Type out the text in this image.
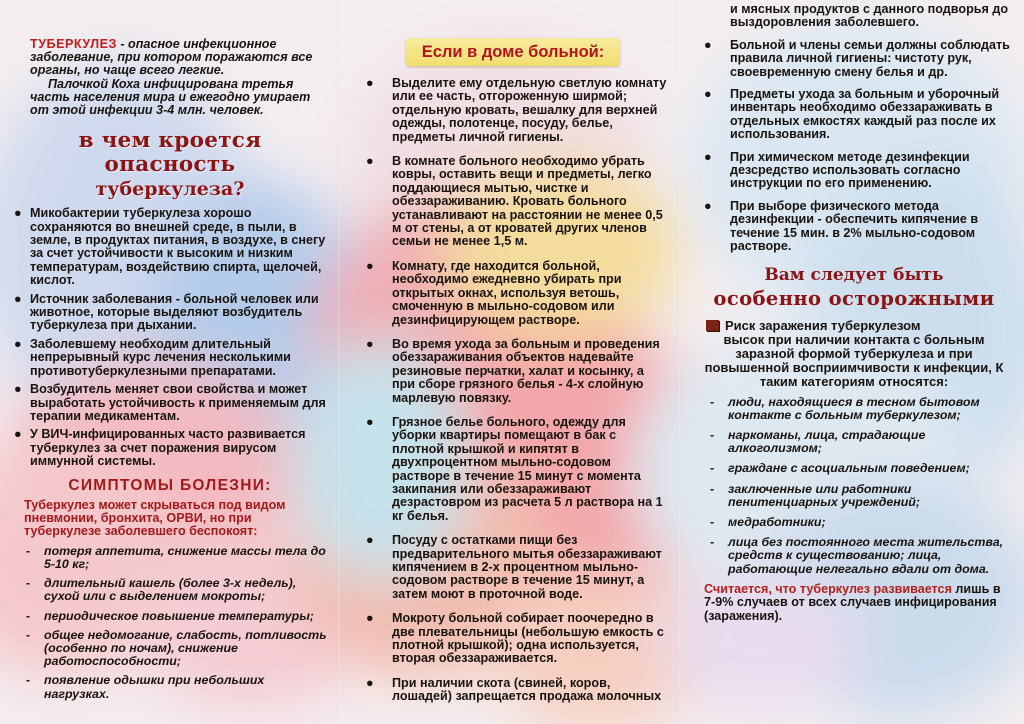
ТУБЕРКУЛЕЗ - опасное инфекционное заболевание, при котором поражаются все органы, но чаще всего легкие.

Палочкой Коха инфицирована третья часть населения мира и ежегодно умирает от этой инфекции 3-4 млн. человек.

в чем кроется опасность
туберкулеза?
● Микобактерии туберкулеза хорошо сохраняются во внешней среде, в пыли, в земле, в продуктах питания, в воздухе, в снегу за счет устойчивости к высоким и низким температурам, воздействию спирта, щелочей, кислот.
● Источник заболевания - больной человек или животное, которые выделяют возбудитель туберкулеза при дыхании.
● Заболевшему необходим длительный непрерывный курс лечения несколькими противотуберкулезными препаратами.
● Возбудитель меняет свои свойства и может выработать устойчивость к применяемым для терапии медикаментам.
● У ВИЧ-инфицированных часто развивается туберкулез за счет поражения вирусом иммунной системы.
СИМПТОМЫ БОЛЕЗНИ:
Туберкулез может скрываться под видом пневмонии, бронхита, ОРВИ, но при туберкулезе заболевшего беспокоят:
- потеря аппетита, снижение массы тела до 5-10 кг;
- длительный кашель (более 3-х недель), сухой или с выделением мокроты;
- периодическое повышение температуры;
- общее недомогание, слабость, потливость (особенно по ночам), снижение работоспособности;
- появление одышки при небольших нагрузках.
Если в доме больной:
● Выделите ему отдельную светлую комнату или ее часть, отгороженную ширмой; отдельную кровать, вешалку для верхней одежды, полотенце, посуду, белье, предметы личной гигиены.
● В комнате больного необходимо убрать ковры, оставить вещи и предметы, легко поддающиеся мытью, чистке и обеззараживанию. Кровать больного устанавливают на расстоянии не менее 0,5 м от стены, а от кроватей других членов семьи не менее 1,5 м.
● Комнату, где находится больной, необходимо ежедневно убирать при открытых окнах, используя ветошь, смоченную в мыльно-содовом или дезинфицирующем растворе.
● Во время ухода за больным и проведения обеззараживания объектов надевайте резиновые перчатки, халат и косынку, а при сборе грязного белья - 4-х слойную марлевую повязку.
● Грязное белье больного, одежду для уборки квартиры помещают в бак с плотной крышкой и кипятят в двухпроцентном мыльно-содовом растворе в течение 15 минут с момента закипания или обеззараживают дезрастовром из расчета 5 л раствора на 1 кг белья.
● Посуду с остатками пищи без предварительного мытья обеззараживают кипячением в 2-х процентном мыльно-содовом растворе в течение 15 минут, а затем моют в проточной воде.
● Мокроту больной собирает поочередно в две плевательницы (небольшую емкость с плотной крышкой); одна используется, вторая обеззараживается.
● При наличии скота (свиней, коров, лошадей) запрещается продажа молочных
и мясных продуктов с данного подворья до выздоровления заболевшего.
● Больной и члены семьи должны соблюдать правила личной гигиены: чистоту рук, своевременную смену белья и др.
● Предметы ухода за больным и уборочный инвентарь необходимо обеззараживать в отдельных емкостях каждый раз после их использования.
● При химическом методе дезинфекции дезсредство использовать согласно инструкции по его применению.
● При выборе физического метода дезинфекции - обеспечить кипячение в течение 15 мин. в 2% мыльно-содовом растворе.
Вам следует быть
особенно осторожными
Риск заражения туберкулезом
высок при наличии контакта с больным заразной формой туберкулеза и при повышенной восприимчивости к инфекции, К таким категориям относятся:
- люди, находящиеся в тесном бытовом контакте с больным туберкулезом;
- наркоманы, лица, страдающие алкоголизмом;
- граждане с асоциальным поведением;
- заключенные или работники пенитенциарных учреждений;
- медработники;
- лица без постоянного места жительства, средств к существованию; лица, работающие нелегально вдали от дома.
Считается, что туберкулез развивается лишь в 7-9% случаев от всех случаев инфицирования (заражения).
